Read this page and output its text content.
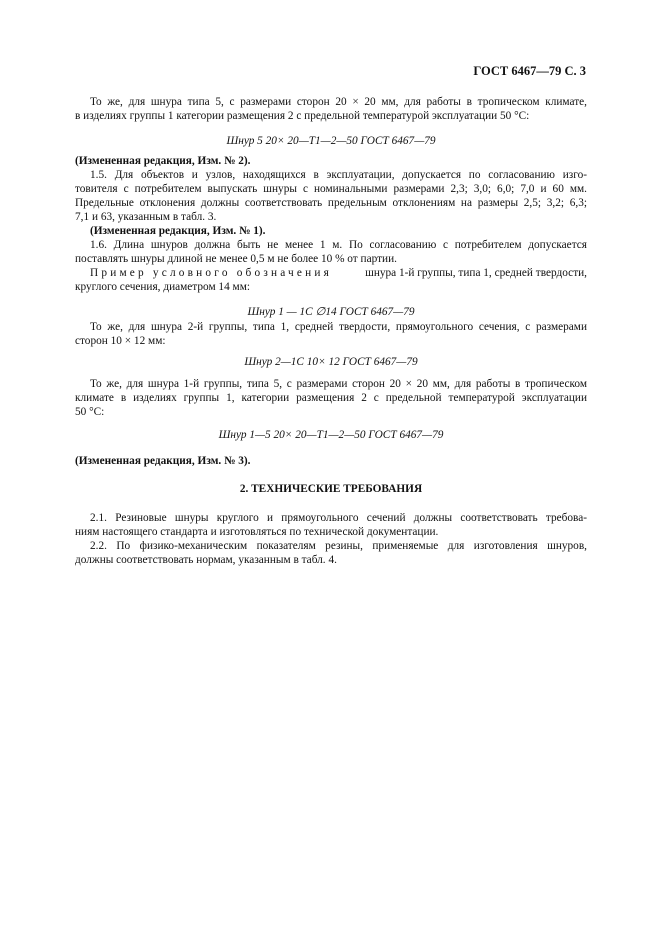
ГОСТ 6467—79 С. 3
То же, для шнура типа 5, с размерами сторон 20 × 20 мм, для работы в тропическом климате,
в изделиях группы 1 категории размещения 2 с предельной температурой эксплуатации 50 °С:
Шнур 5 20× 20—Т1—2—50 ГОСТ 6467—79
(Измененная редакция, Изм. № 2).
1.5. Для объектов и узлов, находящихся в эксплуатации, допускается по согласованию изго-
товителя с потребителем выпускать шнуры с номинальными размерами 2,3; 3,0; 6,0; 7,0 и 60 мм.
Предельные отклонения должны соответствовать предельным отклонениям на размеры 2,5; 3,2; 6,3;
7,1 и 63, указанным в табл. 3.
(Измененная редакция, Изм. № 1).
1.6. Длина шнуров должна быть не менее 1 м. По согласованию с потребителем допускается
поставлять шнуры длиной не менее 0,5 м не более 10 % от партии.
Пример условного обозначения	шнура 1-й группы, типа 1, средней твердости,
круглого сечения, диаметром 14 мм:
Шнур 1 — 1С ∅14 ГОСТ 6467—79
То же, для шнура 2-й группы, типа 1, средней твердости, прямоугольного сечения, с размерами
сторон 10 × 12 мм:
Шнур 2—1С 10× 12 ГОСТ 6467—79
То же, для шнура 1-й группы, типа 5, с размерами сторон 20 × 20 мм, для работы в тропическом
климате в изделиях группы 1, категории размещения 2 с предельной температурой эксплуатации
50 °С:
Шнур 1—5 20× 20—Т1—2—50 ГОСТ 6467—79
(Измененная редакция, Изм. № 3).
2. ТЕХНИЧЕСКИЕ ТРЕБОВАНИЯ
2.1. Резиновые шнуры круглого и прямоугольного сечений должны соответствовать требова-
ниям настоящего стандарта и изготовляться по технической документации.
2.2. По физико-механическим показателям резины, применяемые для изготовления шнуров,
должны соответствовать нормам, указанным в табл. 4.
